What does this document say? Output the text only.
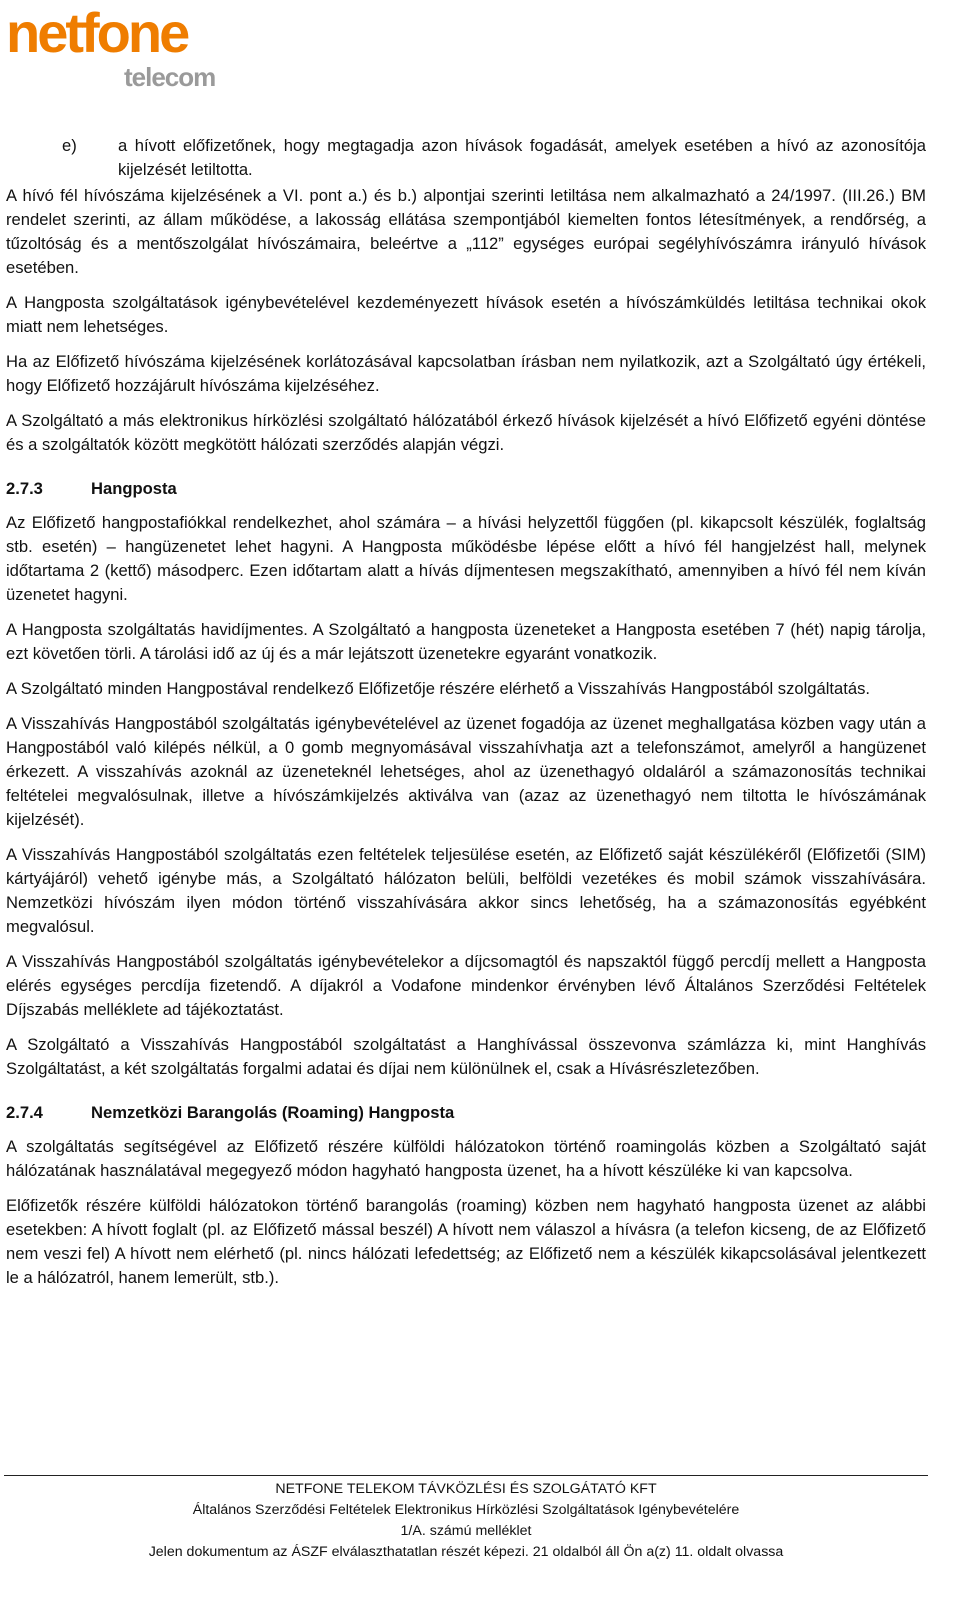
netfone
telecom
e)	a hívott előfizetőnek, hogy megtagadja azon hívások fogadását, amelyek esetében a hívó az azonosítója kijelzését letiltotta.

A hívó fél hívószáma kijelzésének a VI. pont a.) és b.) alpontjai szerinti letiltása nem alkalmazható a 24/1997. (III.26.) BM rendelet szerinti, az állam működése, a lakosság ellátása szempontjából kiemelten fontos létesítmények, a rendőrség, a tűzoltóság és a mentőszolgálat hívószámaira, beleértve a „112” egységes európai segélyhívószámra irányuló hívások esetében.

A Hangposta szolgáltatások igénybevételével kezdeményezett hívások esetén a hívószámküldés letiltása technikai okok miatt nem lehetséges.

Ha az Előfizető hívószáma kijelzésének korlátozásával kapcsolatban írásban nem nyilatkozik, azt a Szolgáltató úgy értékeli, hogy Előfizető hozzájárult hívószáma kijelzéséhez.

A Szolgáltató a más elektronikus hírközlési szolgáltató hálózatából érkező hívások kijelzését a hívó Előfizető egyéni döntése és a szolgáltatók között megkötött hálózati szerződés alapján végzi.

2.7.3	Hangposta

Az Előfizető hangpostafiókkal rendelkezhet, ahol számára – a hívási helyzettől függően (pl. kikapcsolt készülék, foglaltság stb. esetén) – hangüzenetet lehet hagyni. A Hangposta működésbe lépése előtt a hívó fél hangjelzést hall, melynek időtartama 2 (kettő) másodperc. Ezen időtartam alatt a hívás díjmentesen megszakítható, amennyiben a hívó fél nem kíván üzenetet hagyni.

A Hangposta szolgáltatás havidíjmentes. A Szolgáltató a hangposta üzeneteket a Hangposta esetében 7 (hét) napig tárolja, ezt követően törli. A tárolási idő az új és a már lejátszott üzenetekre egyaránt vonatkozik.

A Szolgáltató minden Hangpostával rendelkező Előfizetője részére elérhető a Visszahívás Hangpostából szolgáltatás.

A Visszahívás Hangpostából szolgáltatás igénybevételével az üzenet fogadója az üzenet meghallgatása közben vagy után a Hangpostából való kilépés nélkül, a 0 gomb megnyomásával visszahívhatja azt a telefonszámot, amelyről a hangüzenet érkezett. A visszahívás azoknál az üzeneteknél lehetséges, ahol az üzenethagyó oldaláról a számazonosítás technikai feltételei megvalósulnak, illetve a hívószámkijelzés aktiválva van (azaz az üzenethagyó nem tiltotta le hívószámának kijelzését).

A Visszahívás Hangpostából szolgáltatás ezen feltételek teljesülése esetén, az Előfizető saját készülékéről (Előfizetői (SIM) kártyájáról) vehető igénybe más, a Szolgáltató hálózaton belüli, belföldi vezetékes és mobil számok visszahívására. Nemzetközi hívószám ilyen módon történő visszahívására akkor sincs lehetőség, ha a számazonosítás egyébként megvalósul.

A Visszahívás Hangpostából szolgáltatás igénybevételekor a díjcsomagtól és napszaktól függő percdíj mellett a Hangposta elérés egységes percdíja fizetendő. A díjakról a Vodafone mindenkor érvényben lévő Általános Szerződési Feltételek Díjszabás melléklete ad tájékoztatást.

A Szolgáltató a Visszahívás Hangpostából szolgáltatást a Hanghívással összevonva számlázza ki, mint Hanghívás Szolgáltatást, a két szolgáltatás forgalmi adatai és díjai nem különülnek el, csak a Hívásrészletezőben.

2.7.4	Nemzetközi Barangolás (Roaming) Hangposta

A szolgáltatás segítségével az Előfizető részére külföldi hálózatokon történő roamingolás közben a Szolgáltató saját hálózatának használatával megegyező módon hagyható hangposta üzenet, ha a hívott készüléke ki van kapcsolva.

Előfizetők részére külföldi hálózatokon történő barangolás (roaming) közben nem hagyható hangposta üzenet az alábbi esetekben: A hívott foglalt (pl. az Előfizető mással beszél) A hívott nem válaszol a hívásra (a telefon kicseng, de az Előfizető nem veszi fel) A hívott nem elérhető (pl. nincs hálózati lefedettség; az Előfizető nem a készülék kikapcsolásával jelentkezett le a hálózatról, hanem lemerült, stb.).

NETFONE TELEKOM TÁVKÖZLÉSI ÉS SZOLGÁTATÓ KFT
Általános Szerződési Feltételek Elektronikus Hírközlési Szolgáltatások Igénybevételére
1/A. számú melléklet
Jelen dokumentum az ÁSZF elválaszthatatlan részét képezi. 21 oldalból áll Ön a(z) 11. oldalt olvassa
